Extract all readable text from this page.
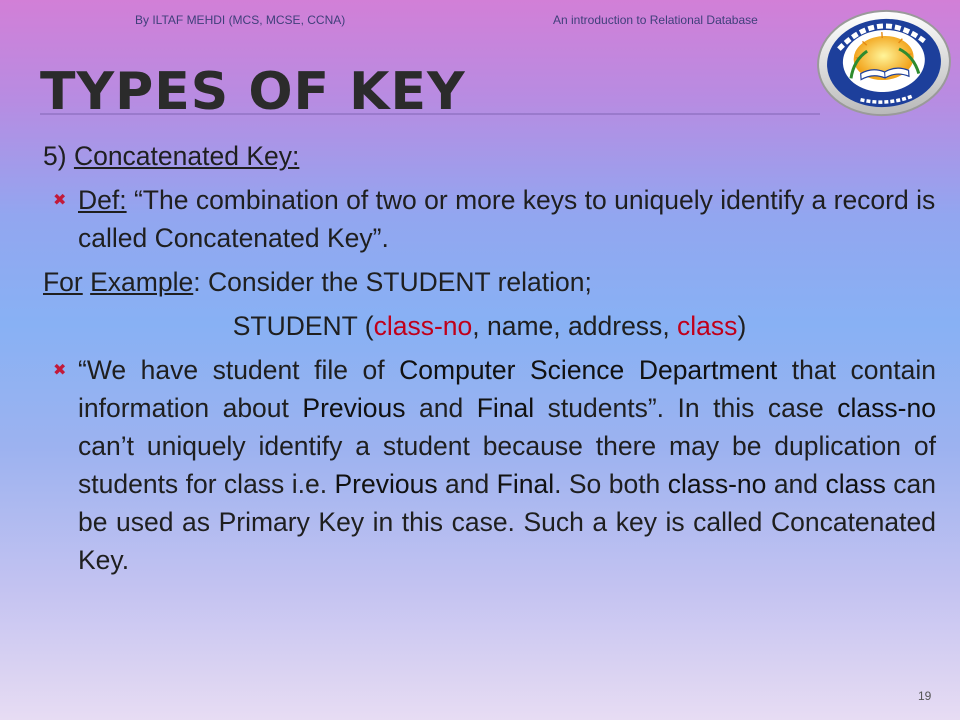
By ILTAF MEHDI (MCS, MCSE, CCNA)	An introduction to Relational Database
TYPES OF KEY
5) Concatenated Key:
✖ Def: “The combination of two or more keys to uniquely identify a record is called Concatenated Key”.
For Example: Consider the STUDENT relation;
STUDENT (class-no, name, address, class)
✖ “We have student file of Computer Science Department that contain information about Previous and Final students”. In this case class-no can’t uniquely identify a student because there may be duplication of students for class i.e. Previous and Final. So both class-no and class can be used as Primary Key in this case. Such a key is called Concatenated Key.
19
